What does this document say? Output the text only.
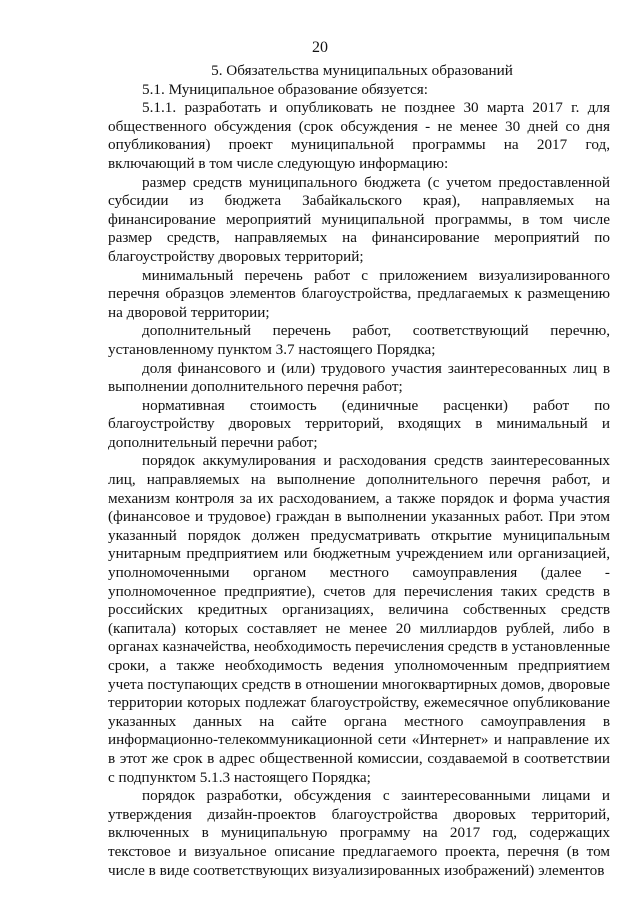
20

5. Обязательства муниципальных образований

5.1. Муниципальное образование обязуется:

5.1.1. разработать и опубликовать не позднее 30 марта 2017 г. для общественного обсуждения (срок обсуждения - не менее 30 дней со дня опубликования) проект муниципальной программы на 2017 год, включающий в том числе следующую информацию:

размер средств муниципального бюджета (с учетом предоставленной субсидии из бюджета Забайкальского края), направляемых на финансирование мероприятий муниципальной программы, в том числе размер средств, направляемых на финансирование мероприятий по благоустройству дворовых территорий;

минимальный перечень работ с приложением визуализированного перечня образцов элементов благоустройства, предлагаемых к размещению на дворовой территории;

дополнительный перечень работ, соответствующий перечню, установленному пунктом 3.7 настоящего Порядка;

доля финансового и (или) трудового участия заинтересованных лиц в выполнении дополнительного перечня работ;

нормативная стоимость (единичные расценки) работ по благоустройству дворовых территорий, входящих в минимальный и дополнительный перечни работ;

порядок аккумулирования и расходования средств заинтересованных лиц, направляемых на выполнение дополнительного перечня работ, и механизм контроля за их расходованием, а также порядок и форма участия (финансовое и трудовое) граждан в выполнении указанных работ. При этом указанный порядок должен предусматривать открытие муниципальным унитарным предприятием или бюджетным учреждением или организацией, уполномоченными органом местного самоуправления (далее - уполномоченное предприятие), счетов для перечисления таких средств в российских кредитных организациях, величина собственных средств (капитала) которых составляет не менее 20 миллиардов рублей, либо в органах казначейства, необходимость перечисления средств в установленные сроки, а также необходимость ведения уполномоченным предприятием учета поступающих средств в отношении многоквартирных домов, дворовые территории которых подлежат благоустройству, ежемесячное опубликование указанных данных на сайте органа местного самоуправления в информационно-телекоммуникационной сети «Интернет» и направление их в этот же срок в адрес общественной комиссии, создаваемой в соответствии с подпунктом 5.1.3 настоящего Порядка;

порядок разработки, обсуждения с заинтересованными лицами и утверждения дизайн-проектов благоустройства дворовых территорий, включенных в муниципальную программу на 2017 год, содержащих текстовое и визуальное описание предлагаемого проекта, перечня (в том числе в виде соответствующих визуализированных изображений) элементов
